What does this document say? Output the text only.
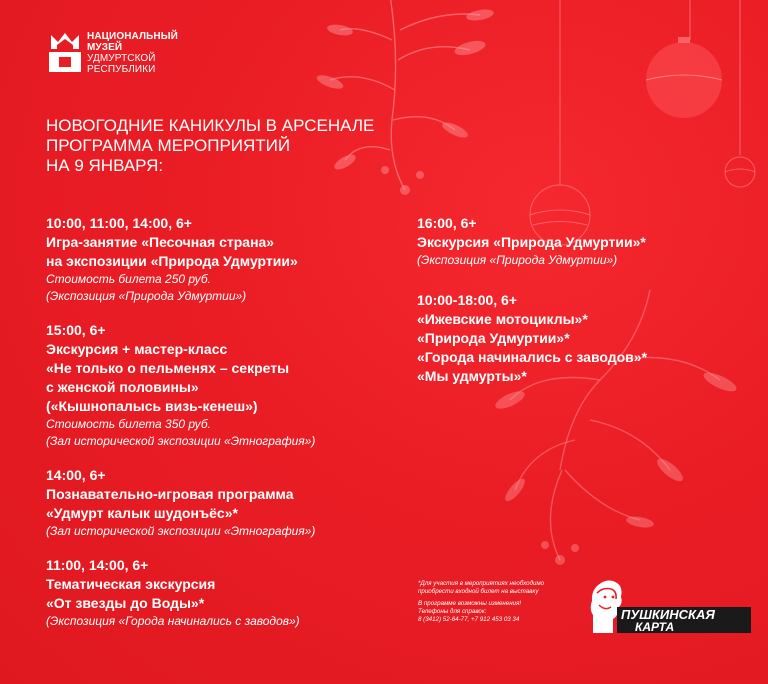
НАЦИОНАЛЬНЫЙ
МУЗЕЙ
УДМУРТСКОЙ
РЕСПУБЛИКИ
НОВОГОДНИЕ КАНИКУЛЫ В АРСЕНАЛЕ
ПРОГРАММА МЕРОПРИЯТИЙ
НА 9 ЯНВАРЯ:
10:00, 11:00, 14:00, 6+
Игра-занятие «Песочная страна»
на экспозиции «Природа Удмуртии»
Стоимость билета 250 руб.
(Экспозиция «Природа Удмуртии»)
15:00, 6+
Экскурсия + мастер-класс
«Не только о пельменях – секреты
с женской половины»
(«Кышнопалысь визь-кенеш»)
Стоимость билета 350 руб.
(Зал исторической экспозиции «Этнография»)
14:00, 6+
Познавательно-игровая программа
«Удмурт калык шудонъёс»*
(Зал исторической экспозиции «Этнография»)
11:00, 14:00, 6+
Тематическая экскурсия
«От звезды до Воды»*
(Экспозиция «Города начинались с заводов»)
16:00, 6+
Экскурсия «Природа Удмуртии»*
(Экспозиция «Природа Удмуртии»)
10:00-18:00, 6+
«Ижевские мотоциклы»*
«Природа Удмуртии»*
«Города начинались с заводов»*
«Мы удмурты»*
*Для участия в мероприятиях необходимо
приобрести входной билет на выставку
В программе возможны изменения!
Телефоны для справок:
8 (3412) 52-64-77, +7 912 453 03 34	ПУШКИНСКАЯ
КАРТА
